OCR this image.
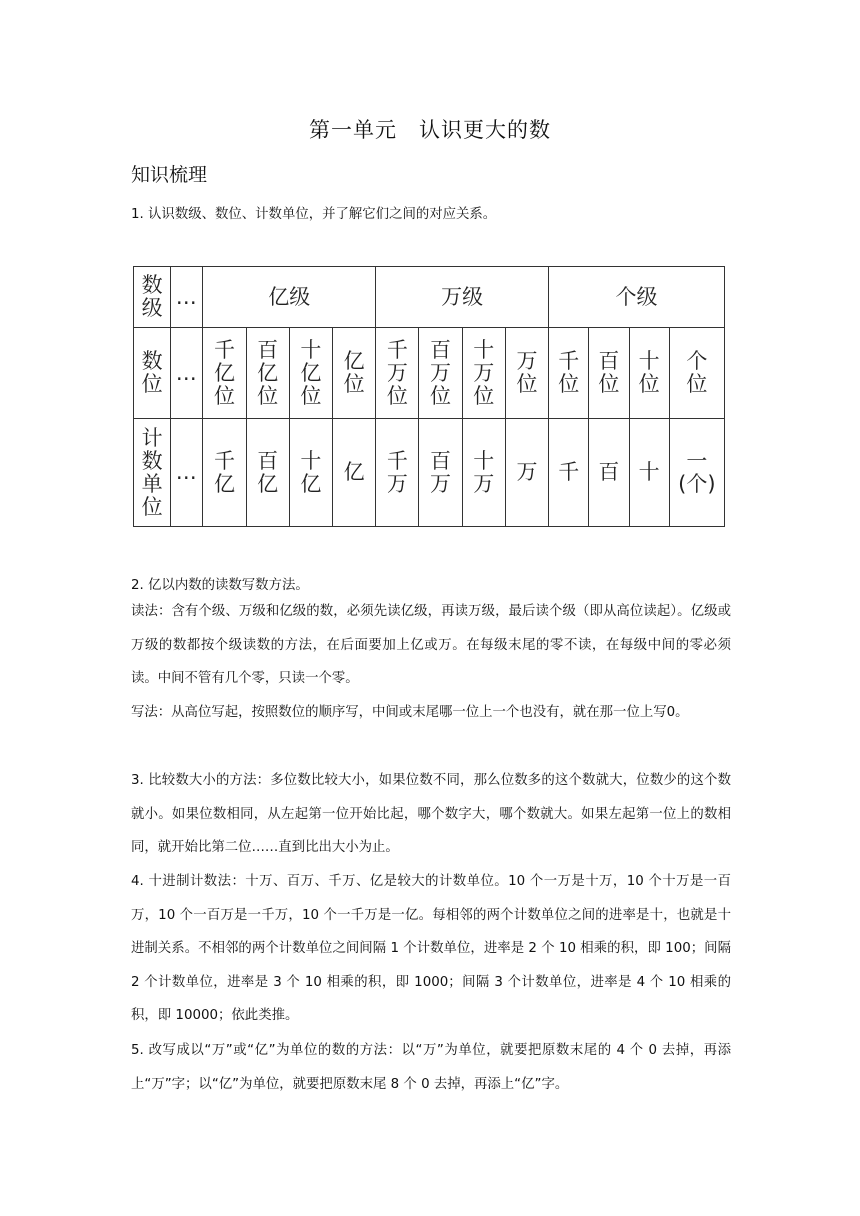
第一单元　认识更大的数
知识梳理
1. 认识数级、数位、计数单位，并了解它们之间的对应关系。
数级	…	亿级				万级				个级			
数位	…	千亿位	百亿位	十亿位	亿位	千万位	百万位	十万位	万位	千位	百位	十位	个位
计数单位	…	千亿	百亿	十亿	亿	千万	百万	十万	万	千	百	十	一
(个)
2. 亿以内数的读数写数方法。
读法：含有个级、万级和亿级的数，必须先读亿级，再读万级，最后读个级（即从高位读起）。亿级或万级的数都按个级读数的方法，在后面要加上亿或万。在每级末尾的零不读，在每级中间的零必须读。中间不管有几个零，只读一个零。
写法：从高位写起，按照数位的顺序写，中间或末尾哪一位上一个也没有，就在那一位上写0。
3. 比较数大小的方法：多位数比较大小，如果位数不同，那么位数多的这个数就大，位数少的这个数就小。如果位数相同，从左起第一位开始比起，哪个数字大，哪个数就大。如果左起第一位上的数相同，就开始比第二位……直到比出大小为止。
4. 十进制计数法：十万、百万、千万、亿是较大的计数单位。10 个一万是十万，10 个十万是一百万，10 个一百万是一千万，10 个一千万是一亿。每相邻的两个计数单位之间的进率是十，也就是十进制关系。不相邻的两个计数单位之间间隔 1 个计数单位，进率是 2 个 10 相乘的积，即 100；间隔 2 个计数单位，进率是 3 个 10 相乘的积，即 1000；间隔 3 个计数单位，进率是 4 个 10 相乘的积，即 10000；依此类推。
5. 改写成以“万”或“亿”为单位的数的方法：以“万”为单位，就要把原数末尾的 4 个 0 去掉，再添上“万”字；以“亿”为单位，就要把原数末尾 8 个 0 去掉，再添上“亿”字。
